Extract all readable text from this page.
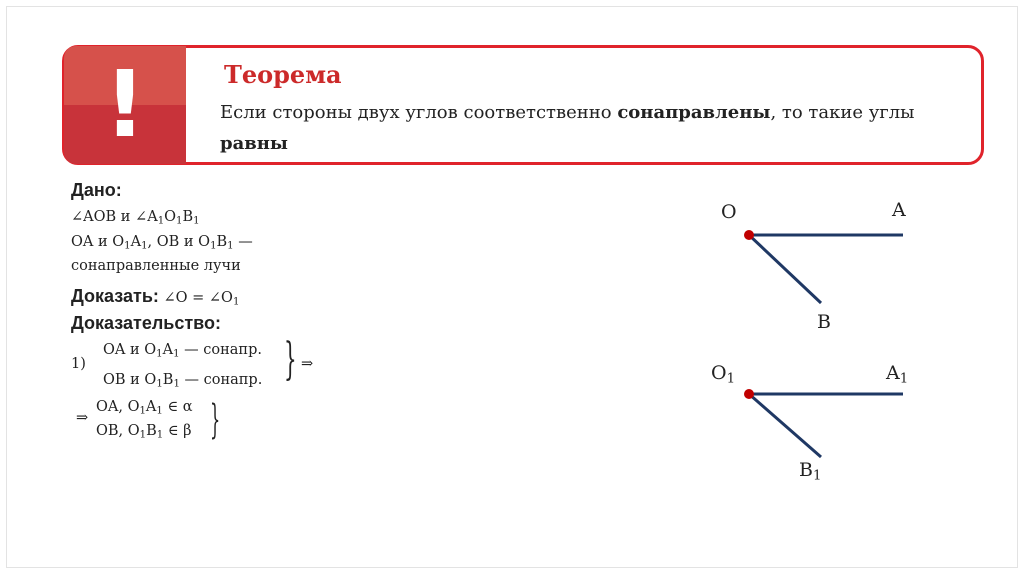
!	Теорема
Если стороны двух углов соответственно сонаправлены, то такие углы равны
Дано:
∠AOB и $\angle A_1O_1B_1$
OA и $O_1A_1$, OB и $O_1B_1$ —
сонаправленные лучи
Доказать: ∠O = $\angle O_1$
Доказательство:
1)
OA и $O_1A_1$ — сонапр.
OB и $O_1B_1$ — сонапр. } ⇒
⇒
OA, $O_1A_1$ ∈ α
OB, $O_1B_1$ ∈ β }
O	A
B
$O_1$	$A_1$
$B_1$
